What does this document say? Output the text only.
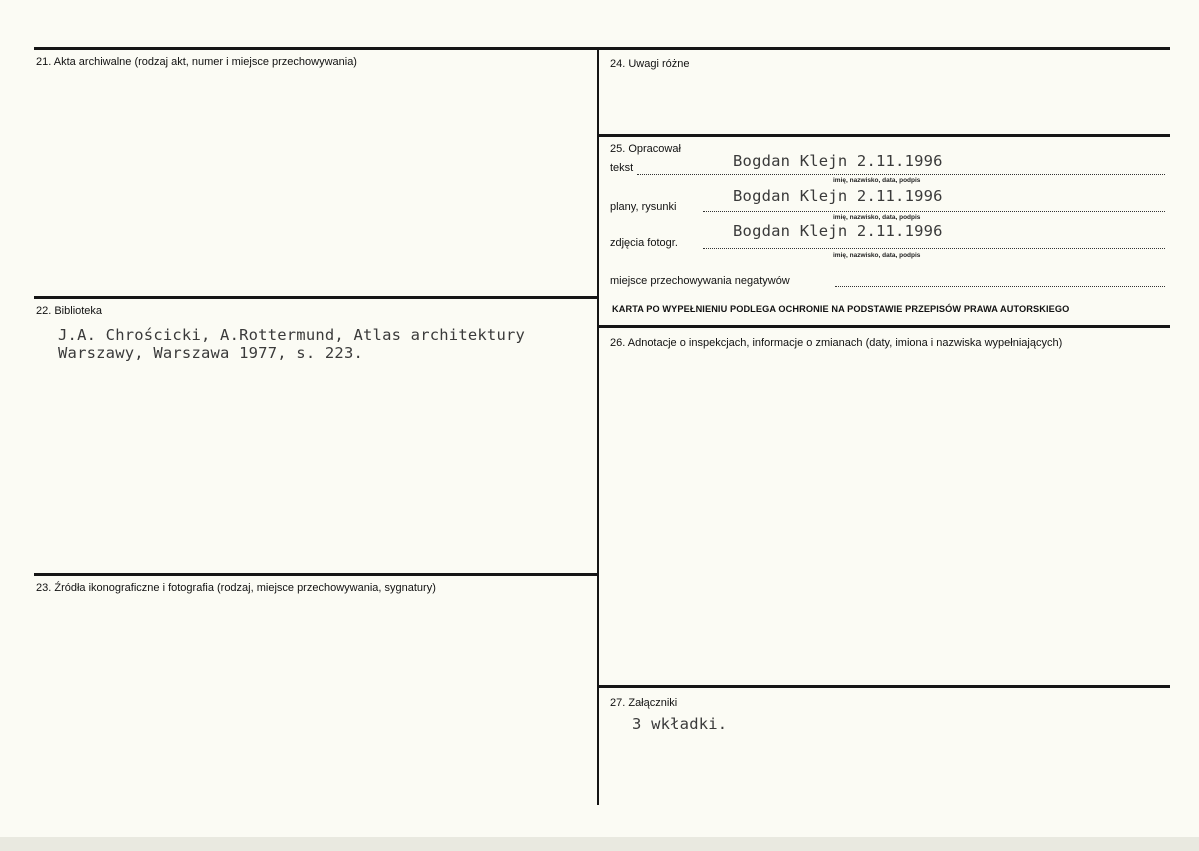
21. Akta archiwalne (rodzaj akt, numer i miejsce przechowywania)
22. Biblioteka
J.A. Chrościcki, A.Rottermund, Atlas architektury
Warszawy, Warszawa 1977, s. 223.
23. Źródła ikonograficzne i fotografia (rodzaj, miejsce przechowywania, sygnatury)
24. Uwagi różne
25. Opracował
tekst	Bogdan Klejn 2.11.1996
imię, nazwisko, data, podpis
plany, rysunki
Bogdan Klejn 2.11.1996
imię, nazwisko, data, podpis
zdjęcia fotogr.
Bogdan Klejn 2.11.1996
imię, nazwisko, data, podpis
miejsce przechowywania negatywów
KARTA PO WYPEŁNIENIU PODLEGA OCHRONIE NA PODSTAWIE PRZEPISÓW PRAWA AUTORSKIEGO
26. Adnotacje o inspekcjach, informacje o zmianach (daty, imiona i nazwiska wypełniających)
27. Załączniki
3 wkładki.
